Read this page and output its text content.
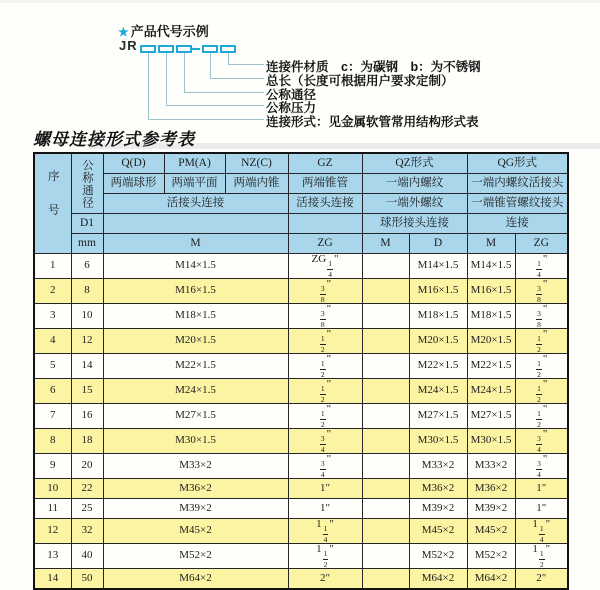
★ 产品代号示例
JR
连接件材质　c：为碳钢　b：为不锈钢
总长（长度可根据用户要求定制）
公称通径
公称压力
连接形式：见金属软管常用结构形式表
螺母连接形式参考表
序号	公称通径	Q(D)	PM(A)	NZ(C)	GZ	QZ形式		QG形式	
		两端球形	两端平面	两端内锥	两端锥管	一端内螺纹		一端内螺纹活接头	
		活接头连接			活接头连接	一端外螺纹		一端锥管螺纹接头	
	D1					球形接头连接		连接	
	mm	M			ZG	M	D	M	ZG
1	6	M14×1.5			ZG
$\frac{1}{4}$
"		M14×1.5	M14×1.5	$\frac{1}{4}$
"
2	8	M16×1.5			$\frac{3}{8}$
"		M16×1.5	M16×1.5	$\frac{3}{8}$
"
3	10	M18×1.5			$\frac{3}{8}$
"		M18×1.5	M18×1.5	$\frac{3}{8}$
"
4	12	M20×1.5			$\frac{1}{2}$
"		M20×1.5	M20×1.5	$\frac{1}{2}$
"
5	14	M22×1.5			$\frac{1}{2}$
"		M22×1.5	M22×1.5	$\frac{1}{2}$
"
6	15	M24×1.5			$\frac{1}{2}$
"		M24×1.5	M24×1.5	$\frac{1}{2}$
"
7	16	M27×1.5			$\frac{1}{2}$
"		M27×1.5	M27×1.5	$\frac{1}{2}$
"
8	18	M30×1.5			$\frac{3}{4}$
"		M30×1.5	M30×1.5	$\frac{3}{4}$
"
9	20	M33×2			$\frac{3}{4}$
"		M33×2	M33×2	$\frac{3}{4}$
"
10	22	M36×2			1"		M36×2	M36×2	1"
11	25	M39×2			1"		M39×2	M39×2	1"
12	32	M45×2			1
$\frac{1}{4}$
"		M45×2	M45×2	1
$\frac{1}{4}$
"
13	40	M52×2			1
$\frac{1}{2}$
"		M52×2	M52×2	1
$\frac{1}{2}$
"
14	50	M64×2			2"		M64×2	M64×2	2"
